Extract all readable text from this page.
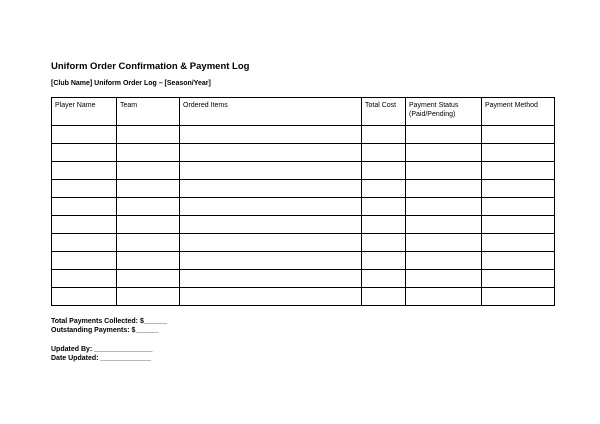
Uniform Order Confirmation & Payment Log
[Club Name] Uniform Order Log – [Season/Year]
Player Name	Team	Ordered Items	Total Cost	Payment Status (Paid/Pending)	Payment Method

Total Payments Collected: $______
Outstanding Payments: $______
Updated By: _______________
Date Updated: _____________
